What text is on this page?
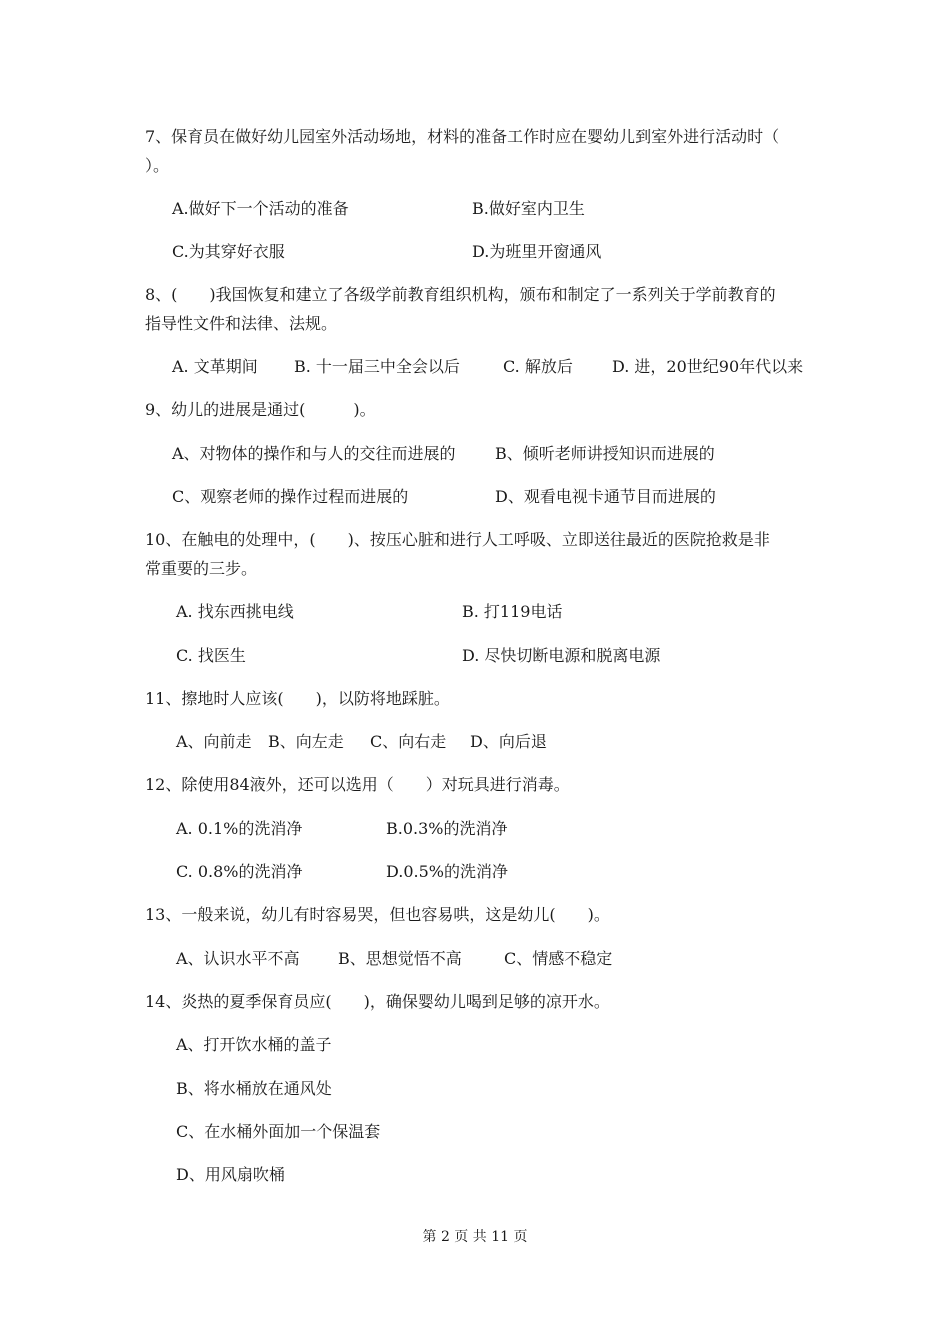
7、保育员在做好幼儿园室外活动场地，材料的准备工作时应在婴幼儿到室外进行活动时（
）。
A.做好下一个活动的准备	B.做好室内卫生
C.为其穿好衣服	D.为班里开窗通风
8、(　　)我国恢复和建立了各级学前教育组织机构，颁布和制定了一系列关于学前教育的
指导性文件和法律、法规。
A. 文革期间 B. 十一届三中全会以后	C. 解放后 D. 进，20世纪90年代以来
9、幼儿的进展是通过(　　　)。
A、对物体的操作和与人的交往而进展的 B、倾听老师讲授知识而进展的
C、观察老师的操作过程而进展的	D、观看电视卡通节目而进展的
10、在触电的处理中，(　　)、按压心脏和进行人工呼吸、立即送往最近的医院抢救是非
常重要的三步。
A. 找东西挑电线	B. 打119电话
C. 找医生	D. 尽快切断电源和脱离电源
11、擦地时人应该(　　)，以防将地踩脏。
A、向前走 B、向左走 C、向右走 D、向后退
12、除使用84液外，还可以选用（　　）对玩具进行消毒。
A. 0.1%的洗消净	B.0.3%的洗消净
C. 0.8%的洗消净	D.0.5%的洗消净
13、一般来说，幼儿有时容易哭，但也容易哄，这是幼儿(　　)。
A、认识水平不高 B、思想觉悟不高	C、情感不稳定
14、炎热的夏季保育员应(　　)，确保婴幼儿喝到足够的凉开水。
A、打开饮水桶的盖子
B、将水桶放在通风处
C、在水桶外面加一个保温套
D、用风扇吹桶
第 2 页 共 11 页
